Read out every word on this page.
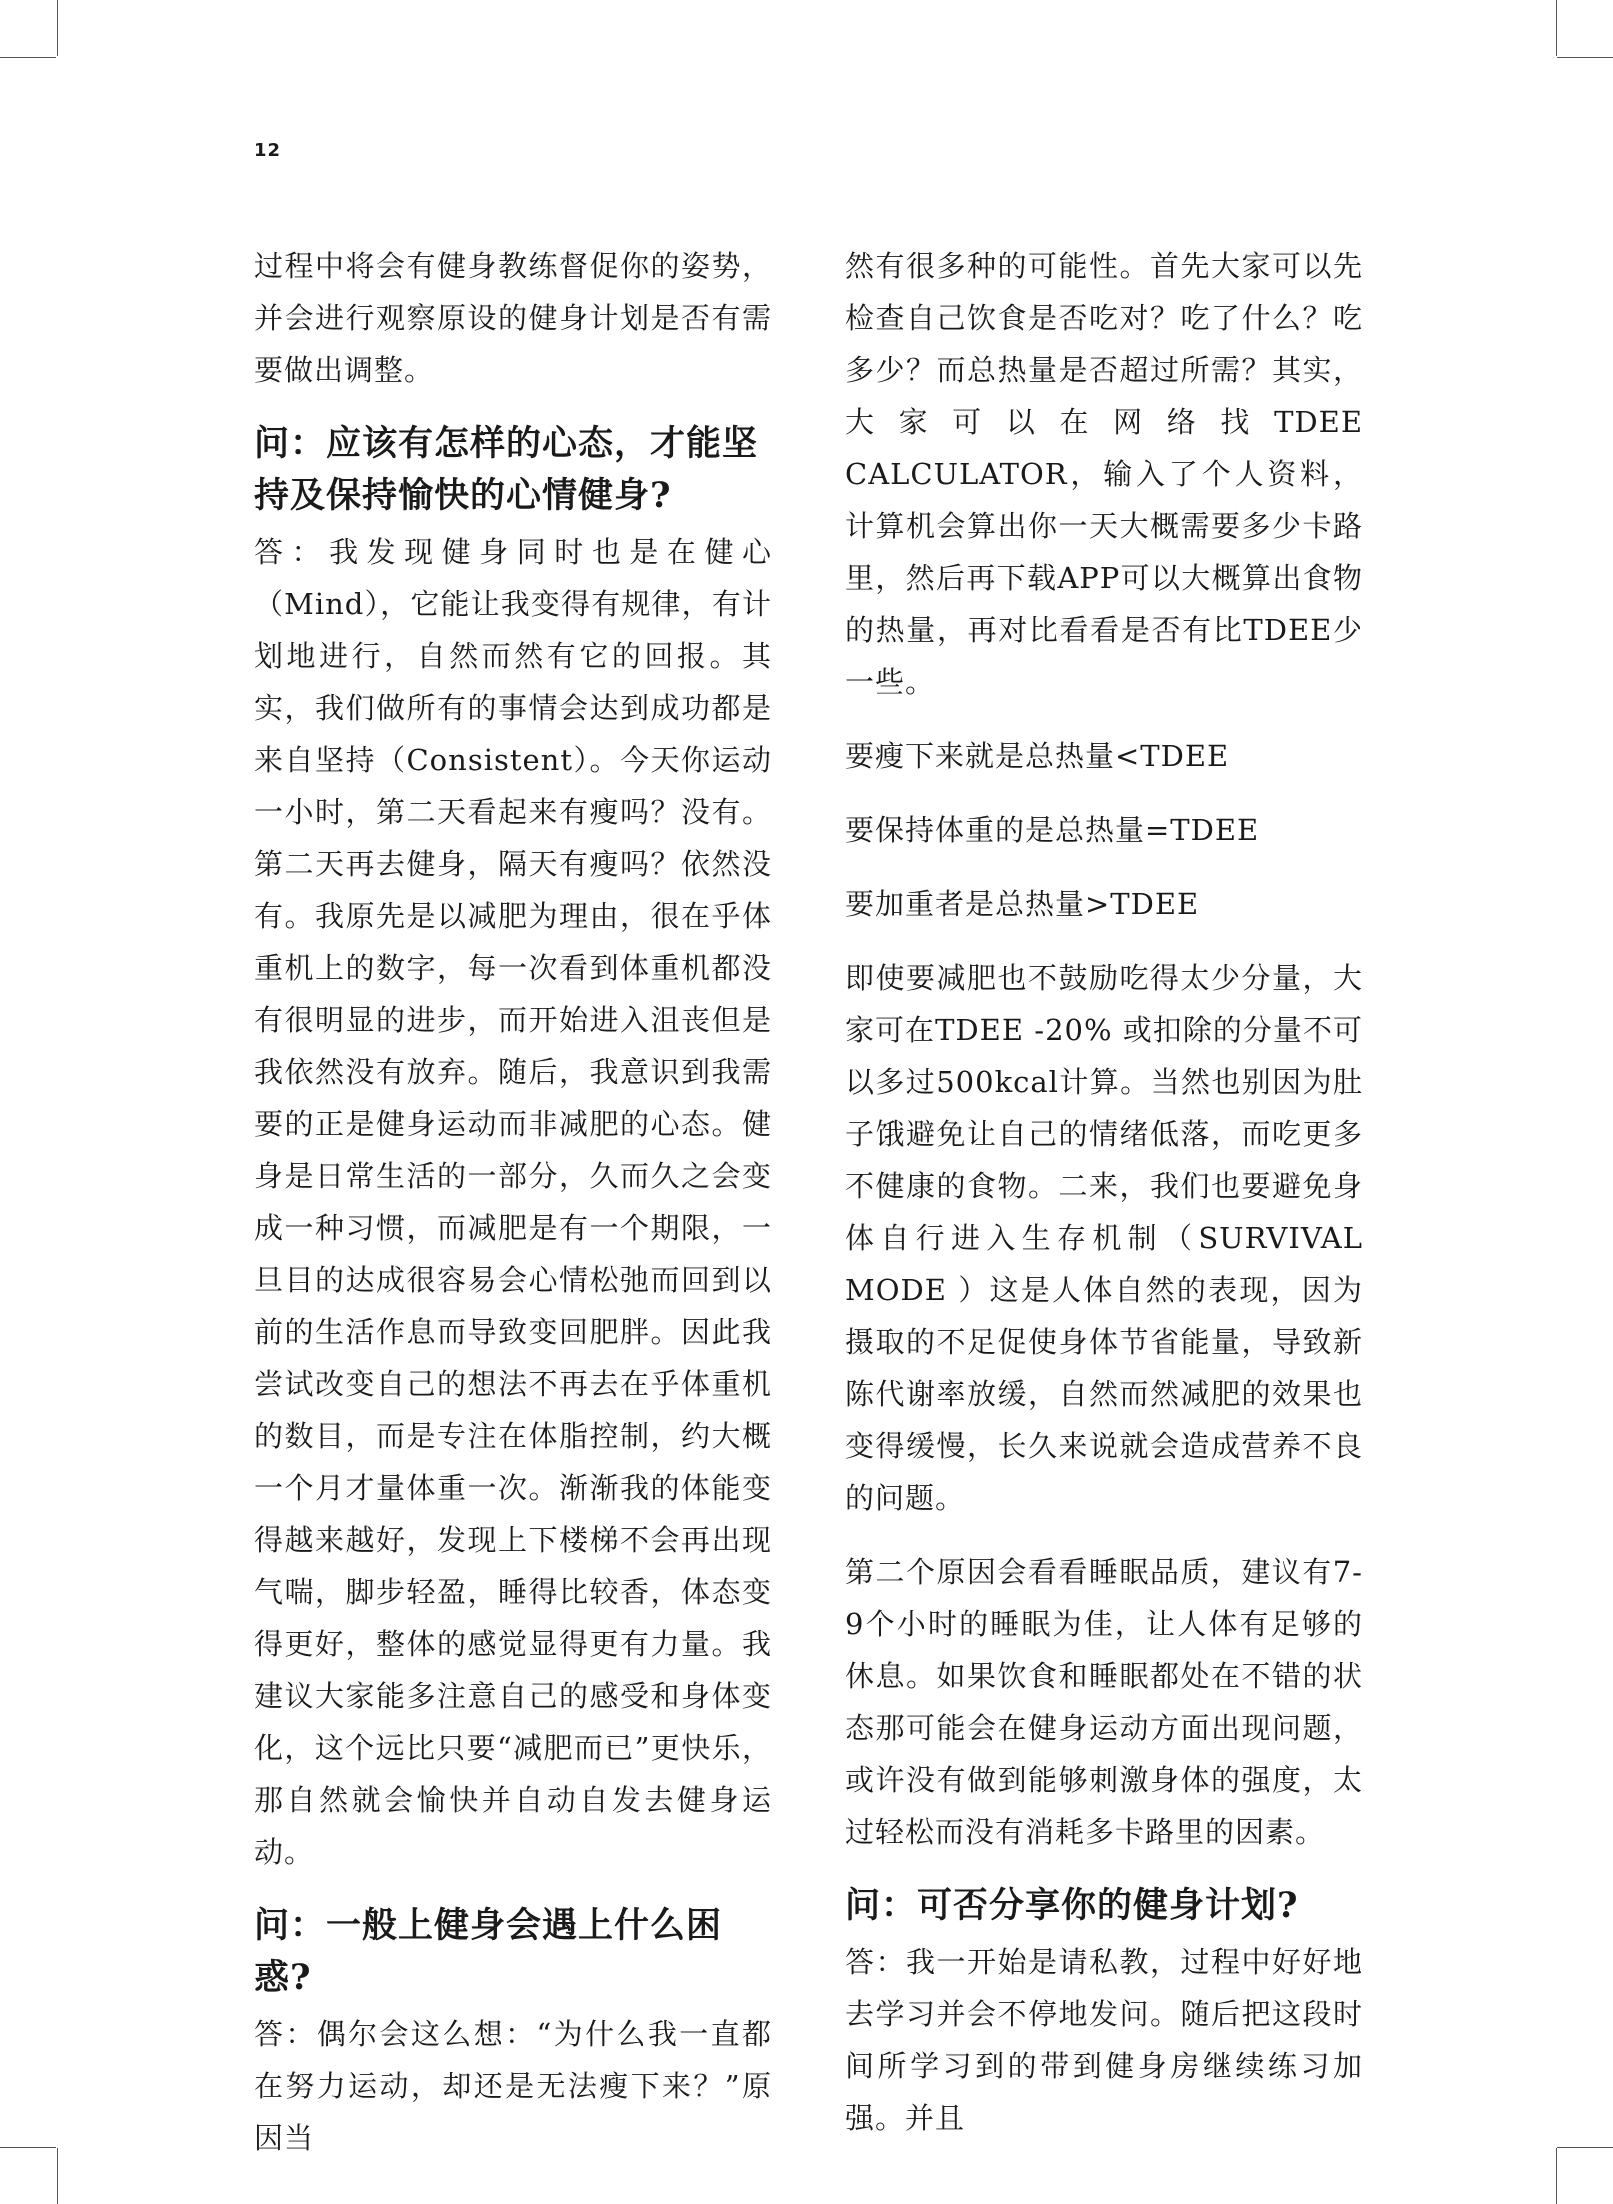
12

过程中将会有健身教练督促你的姿势，并会进行观察原设的健身计划是否有需要做出调整。

问：应该有怎样的心态，才能坚持及保持愉快的心情健身?

答：我发现健身同时也是在健心（Mind），它能让我变得有规律，有计划地进行，自然而然有它的回报。其实，我们做所有的事情会达到成功都是来自坚持（Consistent）。今天你运动一小时，第二天看起来有瘦吗？没有。第二天再去健身，隔天有瘦吗？依然没有。我原先是以减肥为理由，很在乎体重机上的数字，每一次看到体重机都没有很明显的进步，而开始进入沮丧但是我依然没有放弃。随后，我意识到我需要的正是健身运动而非减肥的心态。健身是日常生活的一部分，久而久之会变成一种习惯，而减肥是有一个期限，一旦目的达成很容易会心情松弛而回到以前的生活作息而导致变回肥胖。因此我尝试改变自己的想法不再去在乎体重机的数目，而是专注在体脂控制，约大概一个月才量体重一次。渐渐我的体能变得越来越好，发现上下楼梯不会再出现气喘，脚步轻盈，睡得比较香，体态变得更好，整体的感觉显得更有力量。我建议大家能多注意自己的感受和身体变化，这个远比只要“减肥而已”更快乐，那自然就会愉快并自动自发去健身运动。

问：一般上健身会遇上什么困惑?

答：偶尔会这么想：“为什么我一直都在努力运动，却还是无法瘦下来？”原因当

然有很多种的可能性。首先大家可以先检查自己饮食是否吃对？吃了什么？吃多少？而总热量是否超过所需？其实，大家可以在网络找TDEE CALCULATOR，输入了个人资料，计算机会算出你一天大概需要多少卡路里，然后再下载APP可以大概算出食物的热量，再对比看看是否有比TDEE少一些。

要瘦下来就是总热量<TDEE

要保持体重的是总热量=TDEE

要加重者是总热量>TDEE

即使要减肥也不鼓励吃得太少分量，大家可在TDEE -20% 或扣除的分量不可以多过500kcal计算。当然也别因为肚子饿避免让自己的情绪低落，而吃更多不健康的食物。二来，我们也要避免身体自行进入生存机制（SURVIVAL MODE ）这是人体自然的表现，因为摄取的不足促使身体节省能量，导致新陈代谢率放缓，自然而然减肥的效果也变得缓慢，长久来说就会造成营养不良的问题。

第二个原因会看看睡眠品质，建议有7-9个小时的睡眠为佳，让人体有足够的休息。如果饮食和睡眠都处在不错的状态那可能会在健身运动方面出现问题，或许没有做到能够刺激身体的强度，太过轻松而没有消耗多卡路里的因素。

问：可否分享你的健身计划?

答：我一开始是请私教，过程中好好地去学习并会不停地发问。随后把这段时间所学习到的带到健身房继续练习加强。并且
